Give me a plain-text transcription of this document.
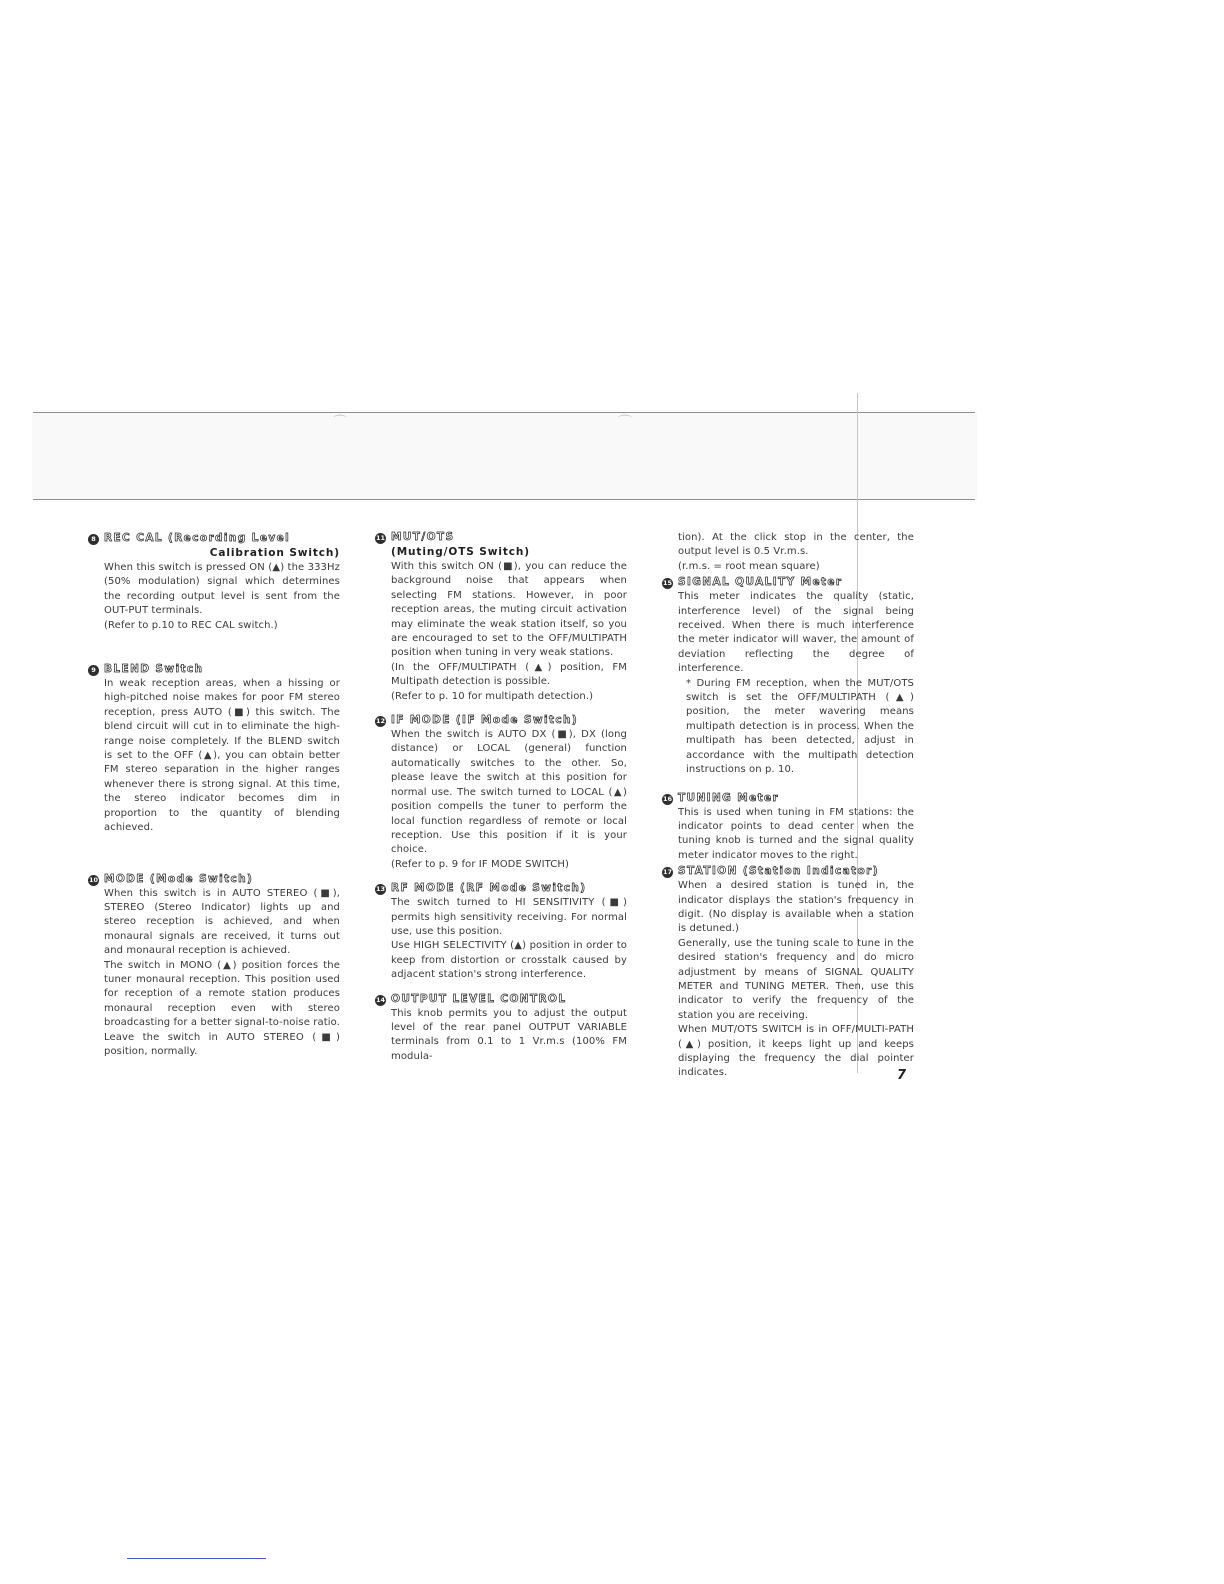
⌒	⌒
8 REC CAL (Recording Level
Calibration Switch)

When this switch is pressed ON (▲) the 333Hz (50% modulation) signal which determines the recording output level is sent from the OUT-PUT terminals.

(Refer to p.10 to REC CAL switch.)

9 BLEND Switch

In weak reception areas, when a hissing or high-pitched noise makes for poor FM stereo reception, press AUTO (■) this switch. The blend circuit will cut in to eliminate the high-range noise completely. If the BLEND switch is set to the OFF (▲), you can obtain better FM stereo separation in the higher ranges whenever there is strong signal. At this time, the stereo indicator becomes dim in proportion to the quantity of blending achieved.

10 MODE (Mode Switch)

When this switch is in AUTO STEREO (■), STEREO (Stereo Indicator) lights up and stereo reception is achieved, and when monaural signals are received, it turns out and monaural reception is achieved.

The switch in MONO (▲) position forces the tuner monaural reception. This position used for reception of a remote station produces monaural reception even with stereo broadcasting for a better signal-to-noise ratio.

Leave the switch in AUTO STEREO (■) position, normally.

11 MUT/OTS
(Muting/OTS Switch)

With this switch ON (■), you can reduce the background noise that appears when selecting FM stations. However, in poor reception areas, the muting circuit activation may eliminate the weak station itself, so you are encouraged to set to the OFF/MULTIPATH position when tuning in very weak stations.

(In the OFF/MULTIPATH (▲) position, FM Multipath detection is possible.

(Refer to p. 10 for multipath detection.)

12 IF MODE (IF Mode Switch)

When the switch is AUTO DX (■), DX (long distance) or LOCAL (general) function automatically switches to the other. So, please leave the switch at this position for normal use. The switch turned to LOCAL (▲) position compells the tuner to perform the local function regardless of remote or local reception. Use this position if it is your choice.

(Refer to p. 9 for IF MODE SWITCH)

13 RF MODE (RF Mode Switch)

The switch turned to HI SENSITIVITY (■) permits high sensitivity receiving. For normal use, use this position.

Use HIGH SELECTIVITY (▲) position in order to keep from distortion or crosstalk caused by adjacent station's strong interference.

14 OUTPUT LEVEL CONTROL

This knob permits you to adjust the output level of the rear panel OUTPUT VARIABLE terminals from 0.1 to 1 Vr.m.s (100% FM modula-

tion). At the click stop in the center, the output level is 0.5 Vr.m.s.

(r.m.s. = root mean square)

15 SIGNAL QUALITY Meter

This meter indicates the quality (static, interference level) of the signal being received. When there is much interference the meter indicator will waver, the amount of deviation reflecting the degree of interference.

* During FM reception, when the MUT/OTS switch is set the OFF/MULTIPATH (▲) position, the meter wavering means multipath detection is in process. When the multipath has been detected, adjust in accordance with the multipath detection instructions on p. 10.

16 TUNING Meter

This is used when tuning in FM stations: the indicator points to dead center when the tuning knob is turned and the signal quality meter indicator moves to the right.

17 STATION (Station Indicator)

When a desired station is tuned in, the indicator displays the station's frequency in digit. (No display is available when a station is detuned.)

Generally, use the tuning scale to tune in the desired station's frequency and do micro adjustment by means of SIGNAL QUALITY METER and TUNING METER. Then, use this indicator to verify the frequency of the station you are receiving.

When MUT/OTS SWITCH is in OFF/MULTI-PATH (▲) position, it keeps light up and keeps displaying the frequency the dial pointer indicates.	7
